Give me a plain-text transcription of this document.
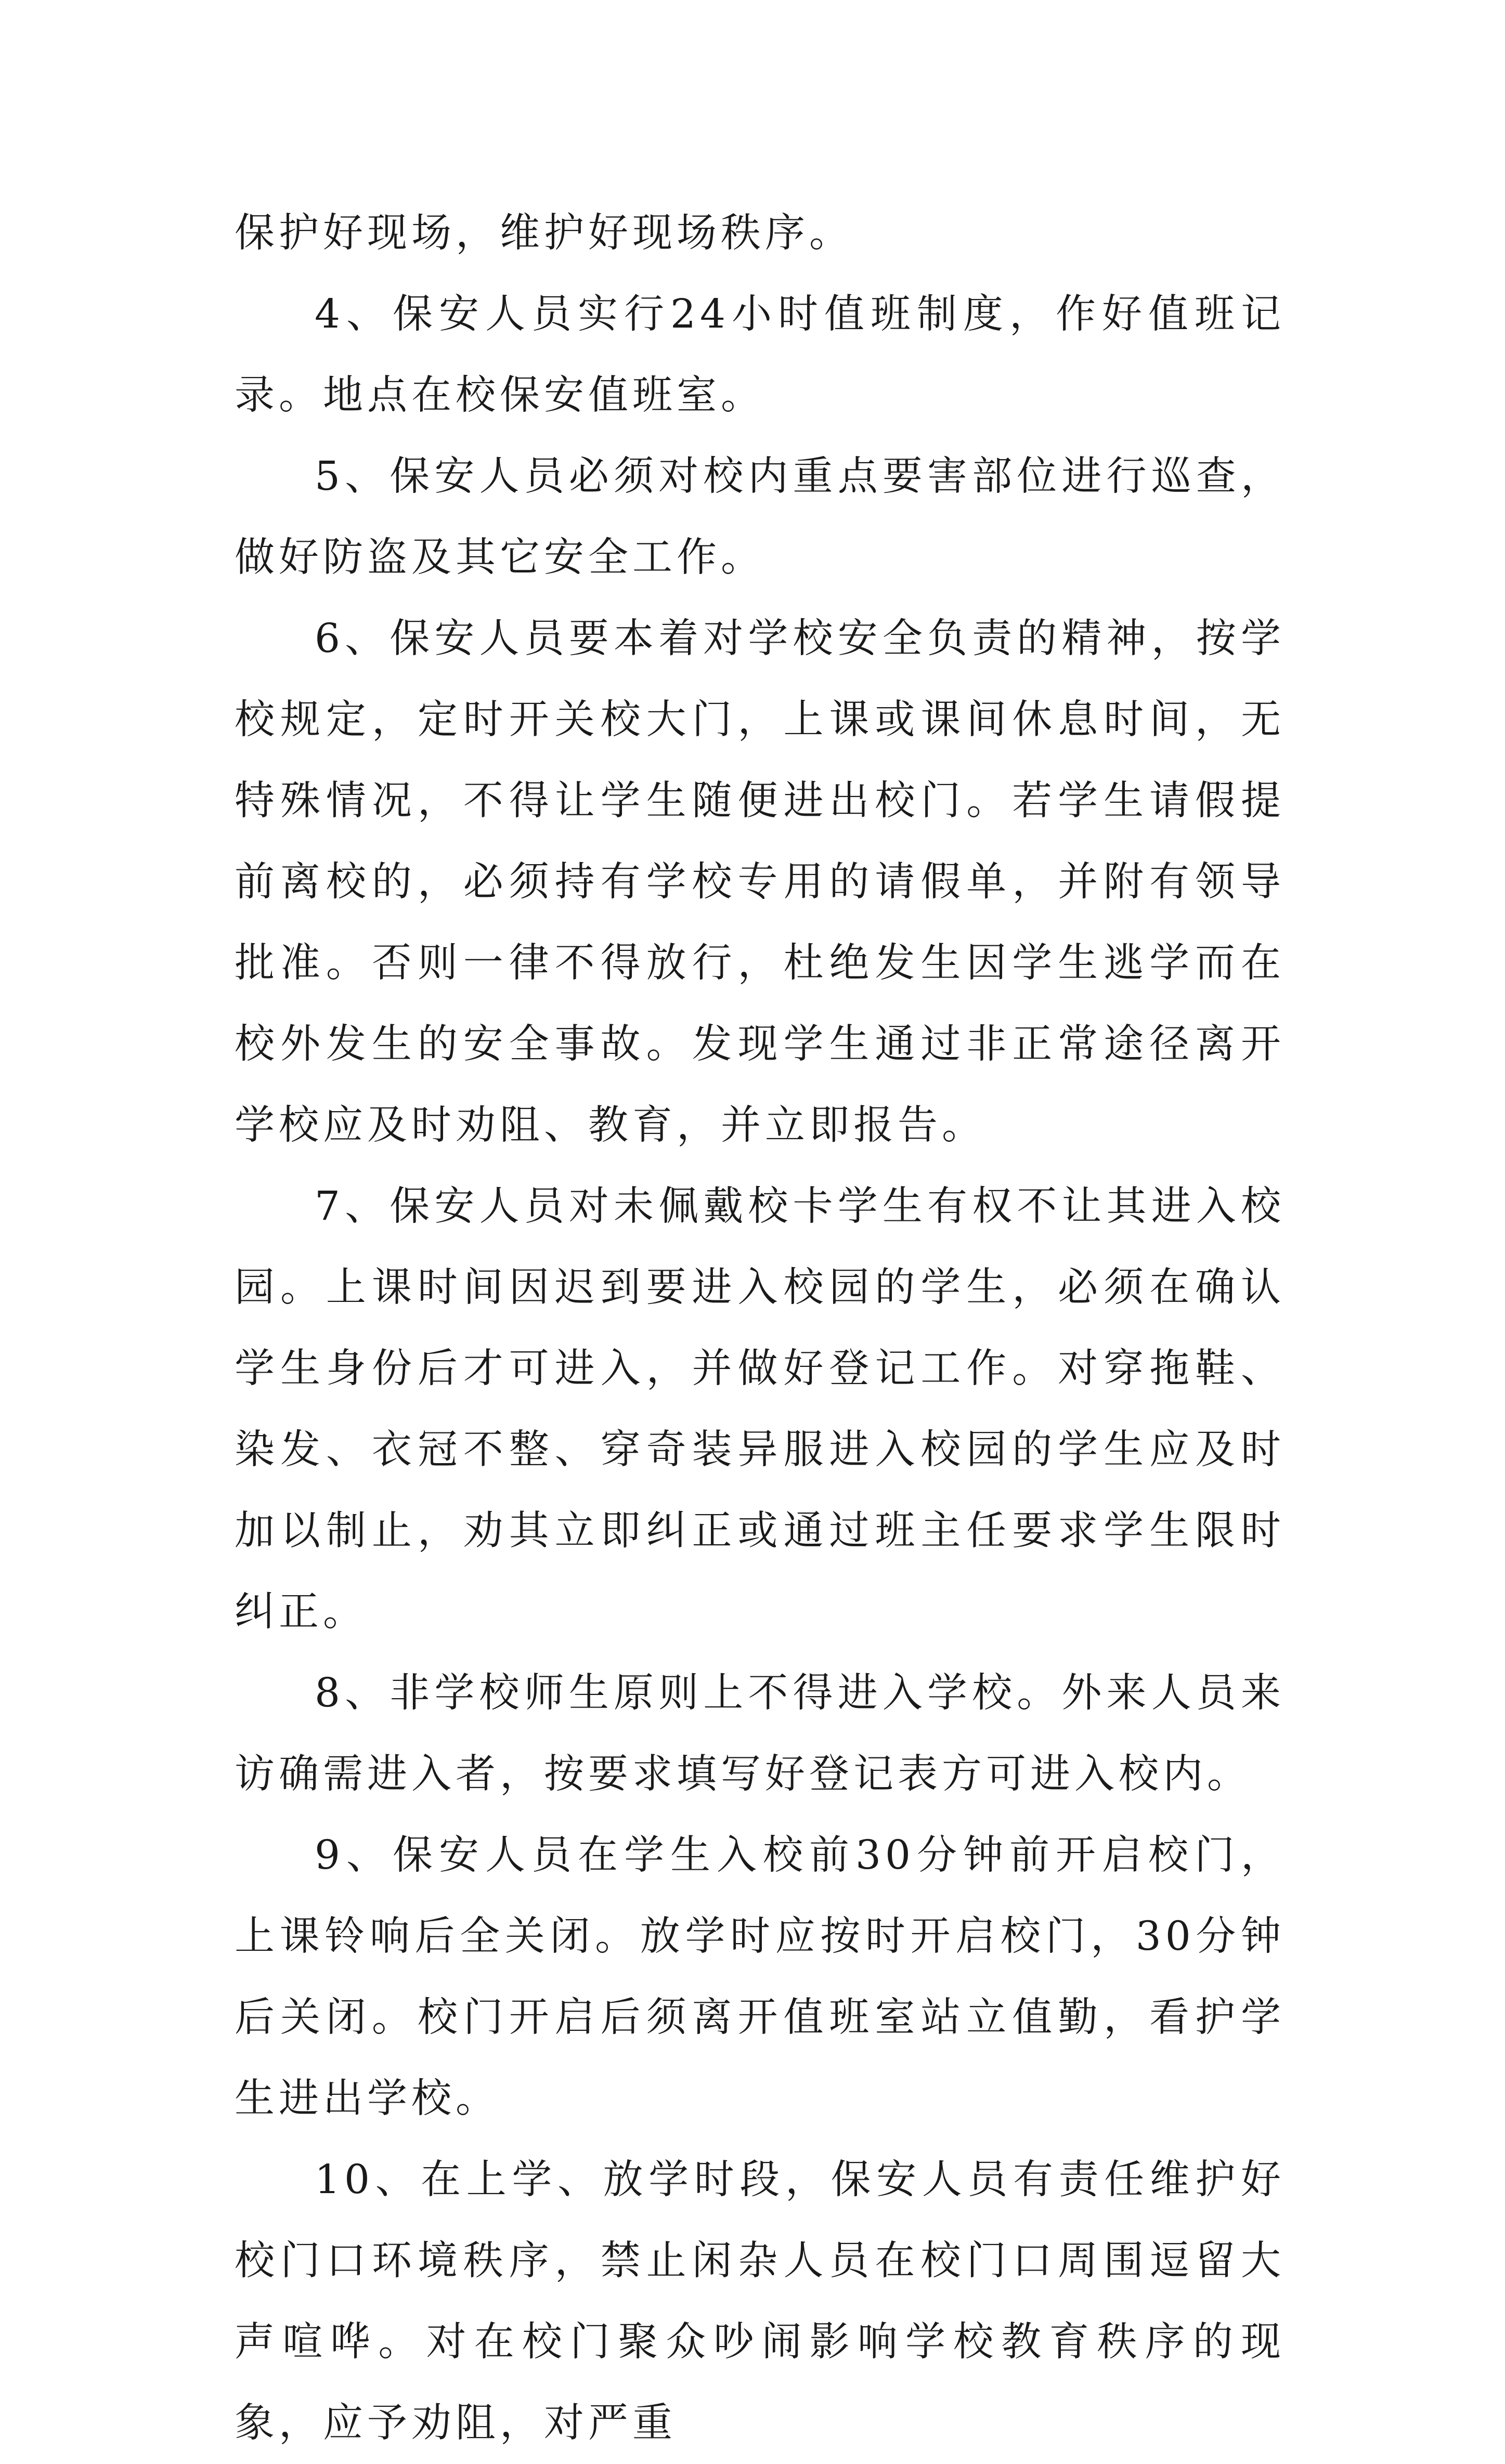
保护好现场，维护好现场秩序。

4、保安人员实行24小时值班制度，作好值班记录。地点在校保安值班室。

5、保安人员必须对校内重点要害部位进行巡查，做好防盗及其它安全工作。

6、保安人员要本着对学校安全负责的精神，按学校规定，定时开关校大门，上课或课间休息时间，无特殊情况，不得让学生随便进出校门。若学生请假提前离校的，必须持有学校专用的请假单，并附有领导批准。否则一律不得放行，杜绝发生因学生逃学而在校外发生的安全事故。发现学生通过非正常途径离开学校应及时劝阻、教育，并立即报告。

7、保安人员对未佩戴校卡学生有权不让其进入校园。上课时间因迟到要进入校园的学生，必须在确认学生身份后才可进入，并做好登记工作。对穿拖鞋、染发、衣冠不整、穿奇装异服进入校园的学生应及时加以制止，劝其立即纠正或通过班主任要求学生限时纠正。

8、非学校师生原则上不得进入学校。外来人员来访确需进入者，按要求填写好登记表方可进入校内。

9、保安人员在学生入校前30分钟前开启校门，上课铃响后全关闭。放学时应按时开启校门，30分钟后关闭。校门开启后须离开值班室站立值勤，看护学生进出学校。

10、在上学、放学时段，保安人员有责任维护好校门口环境秩序，禁止闲杂人员在校门口周围逗留大声喧哗。对在校门聚众吵闹影响学校教育秩序的现象，应予劝阻，对严重
